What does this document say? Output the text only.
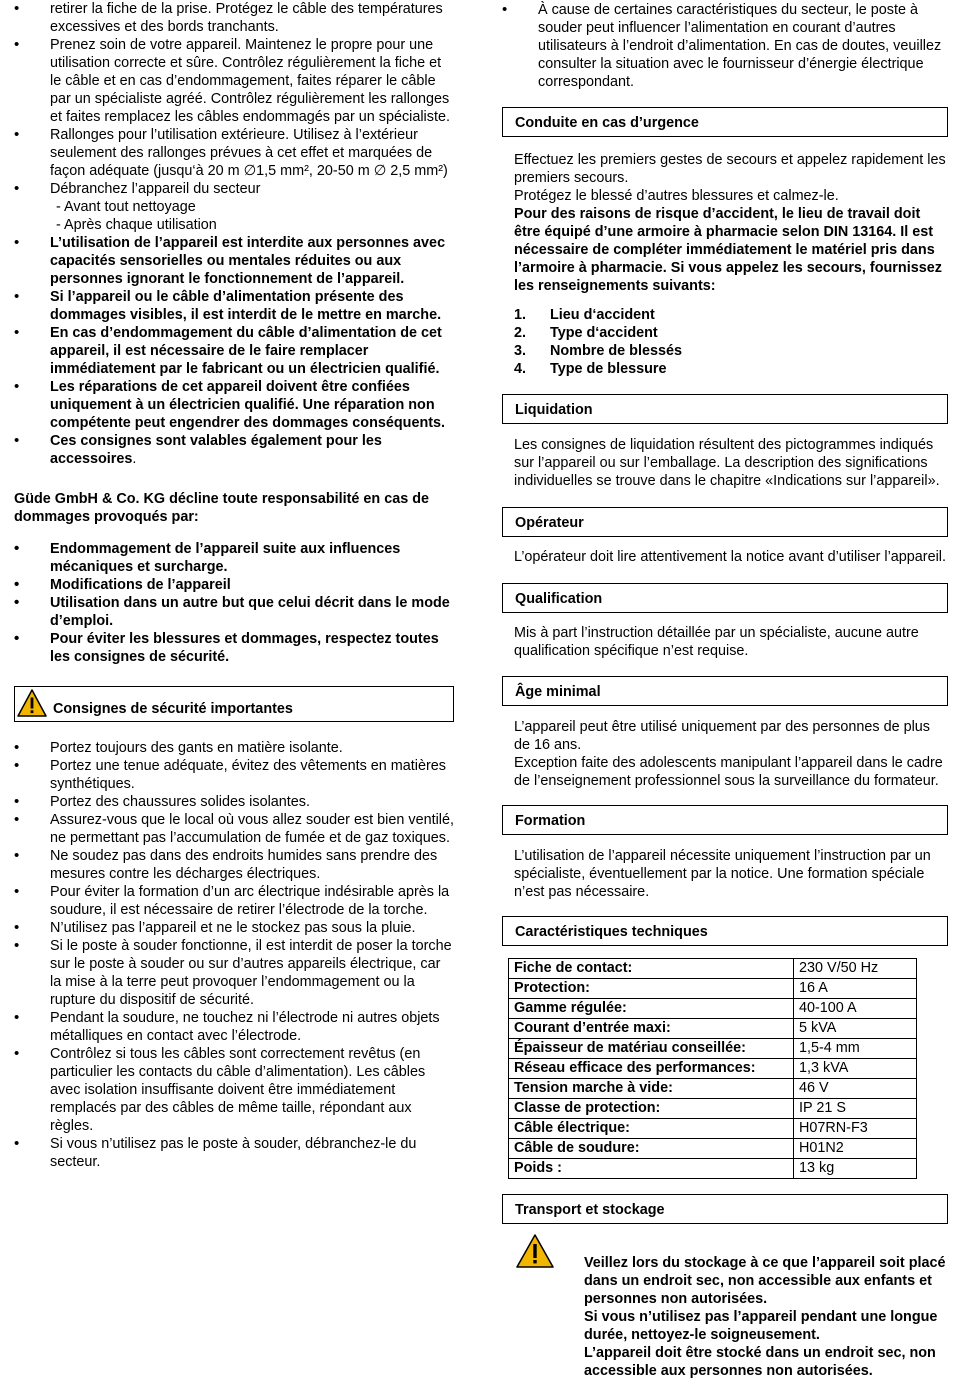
• retirer la fiche de la prise. Protégez le câble des températures excessives et des bords tranchants.
• Prenez soin de votre appareil. Maintenez le propre pour une utilisation correcte et sûre. Contrôlez régulièrement la fiche et le câble et en cas d’endommagement, faites réparer le câble par un spécialiste agréé. Contrôlez régulièrement les rallonges et faites remplacez les câbles endommagés par un spécialiste.
• Rallonges pour l’utilisation extérieure. Utilisez à l’extérieur seulement des rallonges prévues à cet effet et marquées de façon adéquate (jusqu‘à 20 m ∅1,5 mm², 20-50 m ∅ 2,5 mm²)
• Débranchez l’appareil du secteur
- Avant tout nettoyage
- Après chaque utilisation
• L’utilisation de l’appareil est interdite aux personnes avec capacités sensorielles ou mentales réduites ou aux personnes ignorant le fonctionnement de l’appareil.
• Si l’appareil ou le câble d’alimentation présente des dommages visibles, il est interdit de le mettre en marche.
• En cas d’endommagement du câble d’alimentation de cet appareil, il est nécessaire de le faire remplacer immédiatement par le fabricant ou un électricien qualifié.
• Les réparations de cet appareil doivent être confiées uniquement à un électricien qualifié. Une réparation non compétente peut engendrer des dommages conséquents.
• Ces consignes sont valables également pour les accessoires.

Güde GmbH & Co. KG décline toute responsabilité en cas de dommages provoqués par:

• Endommagement de l’appareil suite aux influences mécaniques et surcharge.
• Modifications de l’appareil
• Utilisation dans un autre but que celui décrit dans le mode d’emploi.
• Pour éviter les blessures et dommages, respectez toutes les consignes de sécurité.
Consignes de sécurité importantes
• Portez toujours des gants en matière isolante.
• Portez une tenue adéquate, évitez des vêtements en matières synthétiques.
• Portez des chaussures solides isolantes.
• Assurez-vous que le local où vous allez souder est bien ventilé, ne permettant pas l’accumulation de fumée et de gaz toxiques.
• Ne soudez pas dans des endroits humides sans prendre des mesures contre les décharges électriques.
• Pour éviter la formation d’un arc électrique indésirable après la soudure, il est nécessaire de retirer l’électrode de la torche.
• N’utilisez pas l’appareil et ne le stockez pas sous la pluie.
• Si le poste à souder fonctionne, il est interdit de poser la torche sur le poste à souder ou sur d’autres appareils électrique, car la mise à la terre peut provoquer l’endommagement ou la rupture du dispositif de sécurité.
• Pendant la soudure, ne touchez ni l’électrode ni autres objets métalliques en contact avec l’électrode.
• Contrôlez si tous les câbles sont correctement revêtus (en particulier les contacts du câble d’alimentation). Les câbles avec isolation insuffisante doivent être immédiatement remplacés par des câbles de même taille, répondant aux règles.
• Si vous n’utilisez pas le poste à souder, débranchez-le du secteur.
• À cause de certaines caractéristiques du secteur, le poste à souder peut influencer l’alimentation en courant d’autres utilisateurs à l’endroit d’alimentation. En cas de doutes, veuillez consulter la situation avec le fournisseur d’énergie électrique correspondant.
Conduite en cas d’urgence

Effectuez les premiers gestes de secours et appelez rapidement les premiers secours.

Protégez le blessé d’autres blessures et calmez-le.

Pour des raisons de risque d’accident, le lieu de travail doit être équipé d’une armoire à pharmacie selon DIN 13164. Il est nécessaire de compléter immédiatement le matériel pris dans l’armoire à pharmacie. Si vous appelez les secours, fournissez les renseignements suivants:

1. Lieu d‘accident
2. Type d‘accident
3. Nombre de blessés
4. Type de blessure
Liquidation

Les consignes de liquidation résultent des pictogrammes indiqués sur l’appareil ou sur l’emballage. La description des significations individuelles se trouve dans le chapitre «Indications sur l’appareil».

Opérateur

L’opérateur doit lire attentivement la notice avant d’utiliser l’appareil.

Qualification

Mis à part l’instruction détaillée par un spécialiste, aucune autre qualification spécifique n’est requise.

Âge minimal

L’appareil peut être utilisé uniquement par des personnes de plus de 16 ans.

Exception faite des adolescents manipulant l’appareil dans le cadre de l’enseignement professionnel sous la surveillance du formateur.

Formation

L’utilisation de l’appareil nécessite uniquement l’instruction par un spécialiste, éventuellement par la notice. Une formation spéciale n’est pas nécessaire.

Caractéristiques techniques
Fiche de contact:	230 V/50 Hz
Protection:	16 A
Gamme régulée:	40-100 A
Courant d’entrée maxi:	5 kVA
Épaisseur de matériau conseillée:	1,5-4 mm
Réseau efficace des performances:	1,3 kVA
Tension marche à vide:	46 V
Classe de protection:	IP 21 S
Câble électrique:	H07RN-F3
Câble de soudure:	H01N2
Poids :	13 kg
Transport et stockage

Veillez lors du stockage à ce que l’appareil soit placé dans un endroit sec, non accessible aux enfants et personnes non autorisées.

Si vous n’utilisez pas l’appareil pendant une longue durée, nettoyez-le soigneusement.

L’appareil doit être stocké dans un endroit sec, non accessible aux personnes non autorisées.
